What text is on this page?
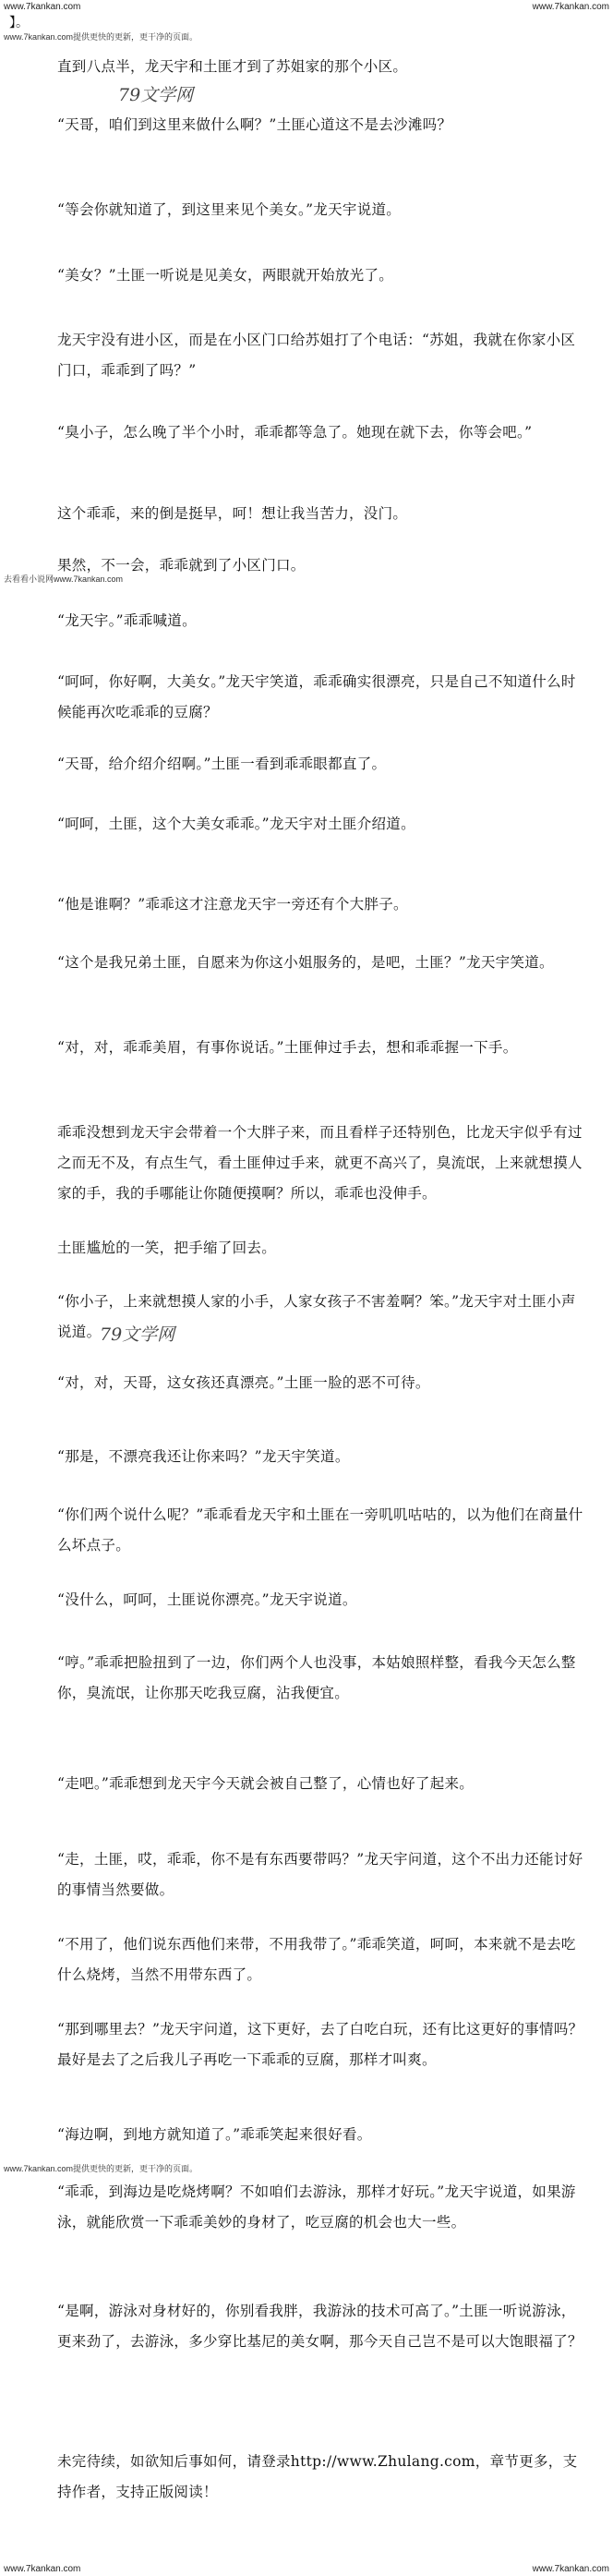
www.7kankan.com	www.7kankan.com
】。
www.7kankan.com提供更快的更新，更干净的页面。
去看看小说网www.7kankan.com
www.7kankan.com提供更快的更新，更干净的页面。
79文学网
79文学网
直到八点半，龙天宇和土匪才到了苏姐家的那个小区。
“天哥，咱们到这里来做什么啊？”土匪心道这不是去沙滩吗？
“等会你就知道了，到这里来见个美女。”龙天宇说道。
“美女？”土匪一听说是见美女，两眼就开始放光了。
龙天宇没有进小区，而是在小区门口给苏姐打了个电话：“苏姐，我就在你家小区门口，乖乖到了吗？”
“臭小子，怎么晚了半个小时，乖乖都等急了。她现在就下去，你等会吧。”
这个乖乖，来的倒是挺早，呵！想让我当苦力，没门。
果然，不一会，乖乖就到了小区门口。
“龙天宇。”乖乖喊道。
“呵呵，你好啊，大美女。”龙天宇笑道，乖乖确实很漂亮，只是自己不知道什么时候能再次吃乖乖的豆腐？
“天哥，给介绍介绍啊。”土匪一看到乖乖眼都直了。
“呵呵，土匪，这个大美女乖乖。”龙天宇对土匪介绍道。
“他是谁啊？”乖乖这才注意龙天宇一旁还有个大胖子。
“这个是我兄弟土匪，自愿来为你这小姐服务的，是吧，土匪？”龙天宇笑道。
“对，对，乖乖美眉，有事你说话。”土匪伸过手去，想和乖乖握一下手。
乖乖没想到龙天宇会带着一个大胖子来，而且看样子还特别色，比龙天宇似乎有过之而无不及，有点生气，看土匪伸过手来，就更不高兴了，臭流氓，上来就想摸人家的手，我的手哪能让你随便摸啊？所以，乖乖也没伸手。
土匪尴尬的一笑，把手缩了回去。
“你小子，上来就想摸人家的小手，人家女孩子不害羞啊？笨。”龙天宇对土匪小声说道。
“对，对，天哥，这女孩还真漂亮。”土匪一脸的恶不可待。
“那是，不漂亮我还让你来吗？”龙天宇笑道。
“你们两个说什么呢？”乖乖看龙天宇和土匪在一旁叽叽咕咕的，以为他们在商量什么坏点子。
“没什么，呵呵，土匪说你漂亮。”龙天宇说道。
“哼。”乖乖把脸扭到了一边，你们两个人也没事，本姑娘照样整，看我今天怎么整你，臭流氓，让你那天吃我豆腐，沾我便宜。
“走吧。”乖乖想到龙天宇今天就会被自己整了，心情也好了起来。
“走，土匪，哎，乖乖，你不是有东西要带吗？”龙天宇问道，这个不出力还能讨好的事情当然要做。
“不用了，他们说东西他们来带，不用我带了。”乖乖笑道，呵呵，本来就不是去吃什么烧烤，当然不用带东西了。
“那到哪里去？”龙天宇问道，这下更好，去了白吃白玩，还有比这更好的事情吗？最好是去了之后我儿子再吃一下乖乖的豆腐，那样才叫爽。
“海边啊，到地方就知道了。”乖乖笑起来很好看。
“乖乖，到海边是吃烧烤啊？不如咱们去游泳，那样才好玩。”龙天宇说道，如果游泳，就能欣赏一下乖乖美妙的身材了，吃豆腐的机会也大一些。
“是啊，游泳对身材好的，你别看我胖，我游泳的技术可高了。”土匪一听说游泳，更来劲了，去游泳，多少穿比基尼的美女啊，那今天自己岂不是可以大饱眼福了？
未完待续，如欲知后事如何，请登录http://www.Zhulang.com，章节更多，支持作者，支持正版阅读！
www.7kankan.com	www.7kankan.com
